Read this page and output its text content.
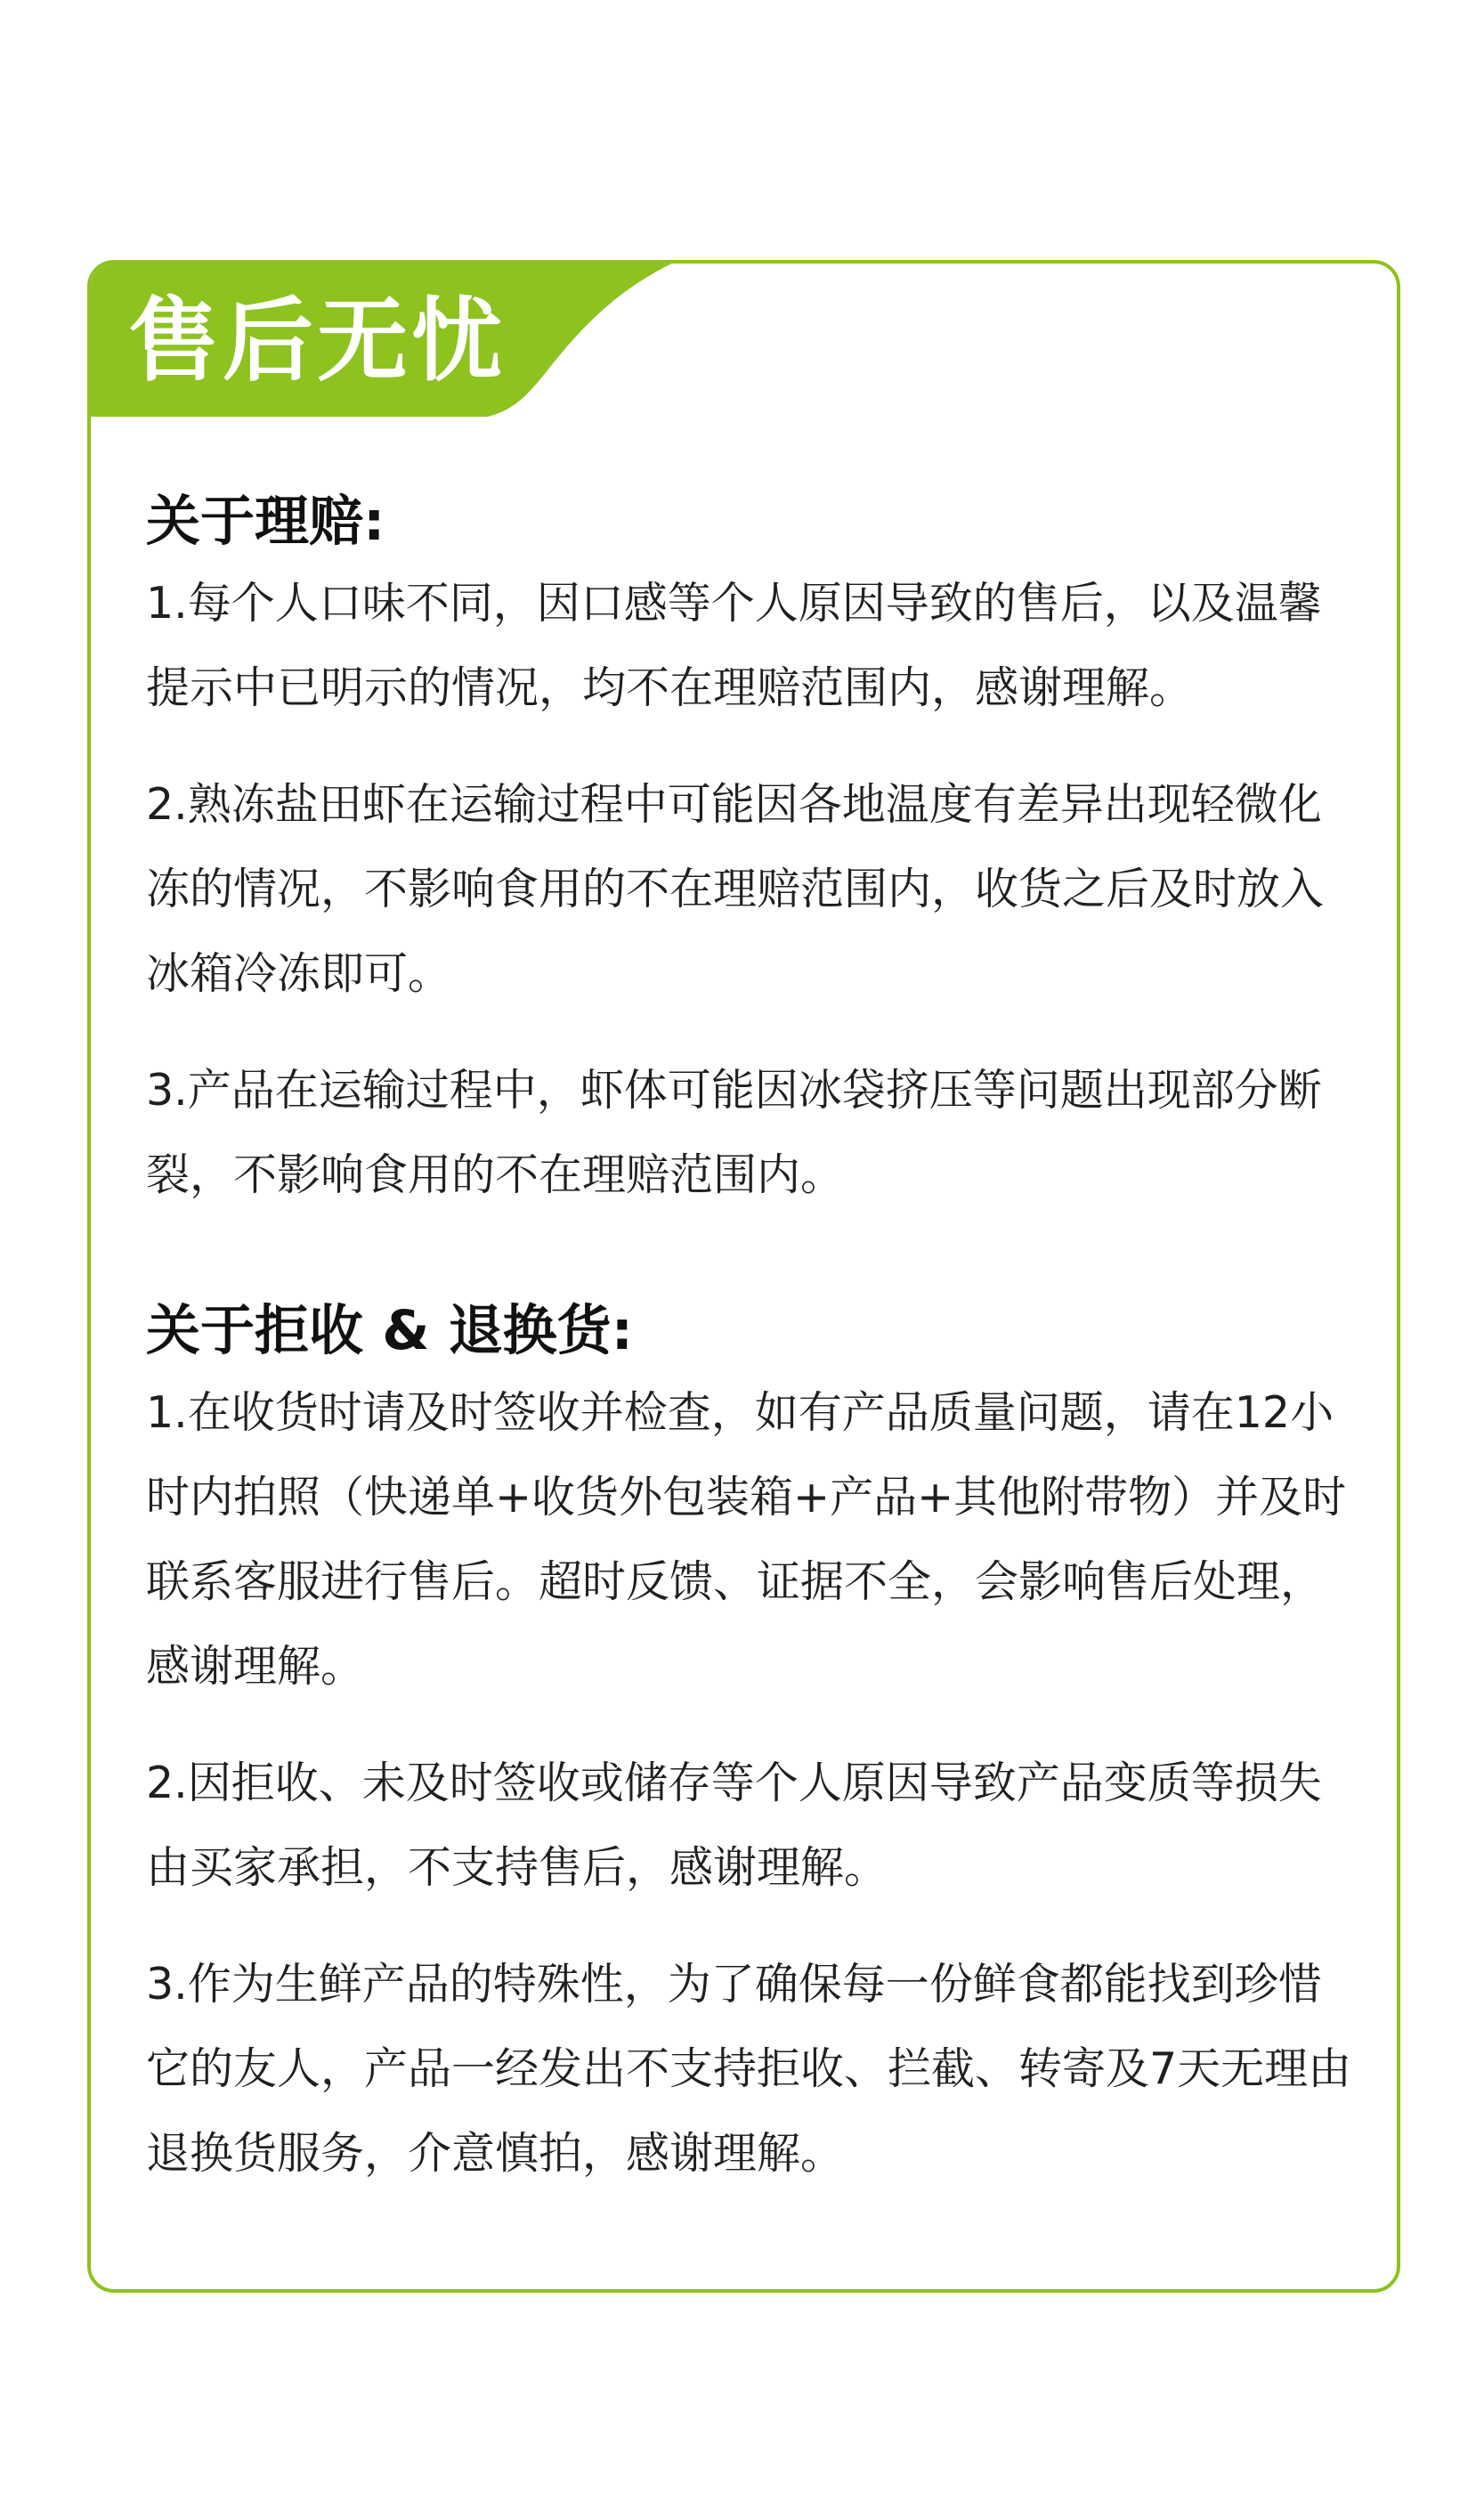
售后无忧
关于理赔:

1.每个人口味不同，因口感等个人原因导致的售后，以及温馨提示中已明示的情况，均不在理赔范围内，感谢理解。

2.熟冻盐田虾在运输过程中可能因各地温度有差异出现轻微化冻的情况，不影响食用的不在理赔范围内，收货之后及时放入冰箱冷冻即可。

3.产品在运输过程中，虾体可能因冰袋挤压等问题出现部分断裂，不影响食用的不在理赔范围内。

关于拒收 & 退换货:

1.在收货时请及时签收并检查，如有产品质量问题，请在12小时内拍照（快递单+收货外包装箱+产品+其他附带物）并及时联系客服进行售后。超时反馈、证据不全，会影响售后处理，感谢理解。

2.因拒收、未及时签收或储存等个人原因导致产品变质等损失由买家承担，不支持售后，感谢理解。

3.作为生鲜产品的特殊性，为了确保每一份鲜食都能找到珍惜它的友人，产品一经发出不支持拒收、拦截、转寄及7天无理由退换货服务，介意慎拍，感谢理解。
